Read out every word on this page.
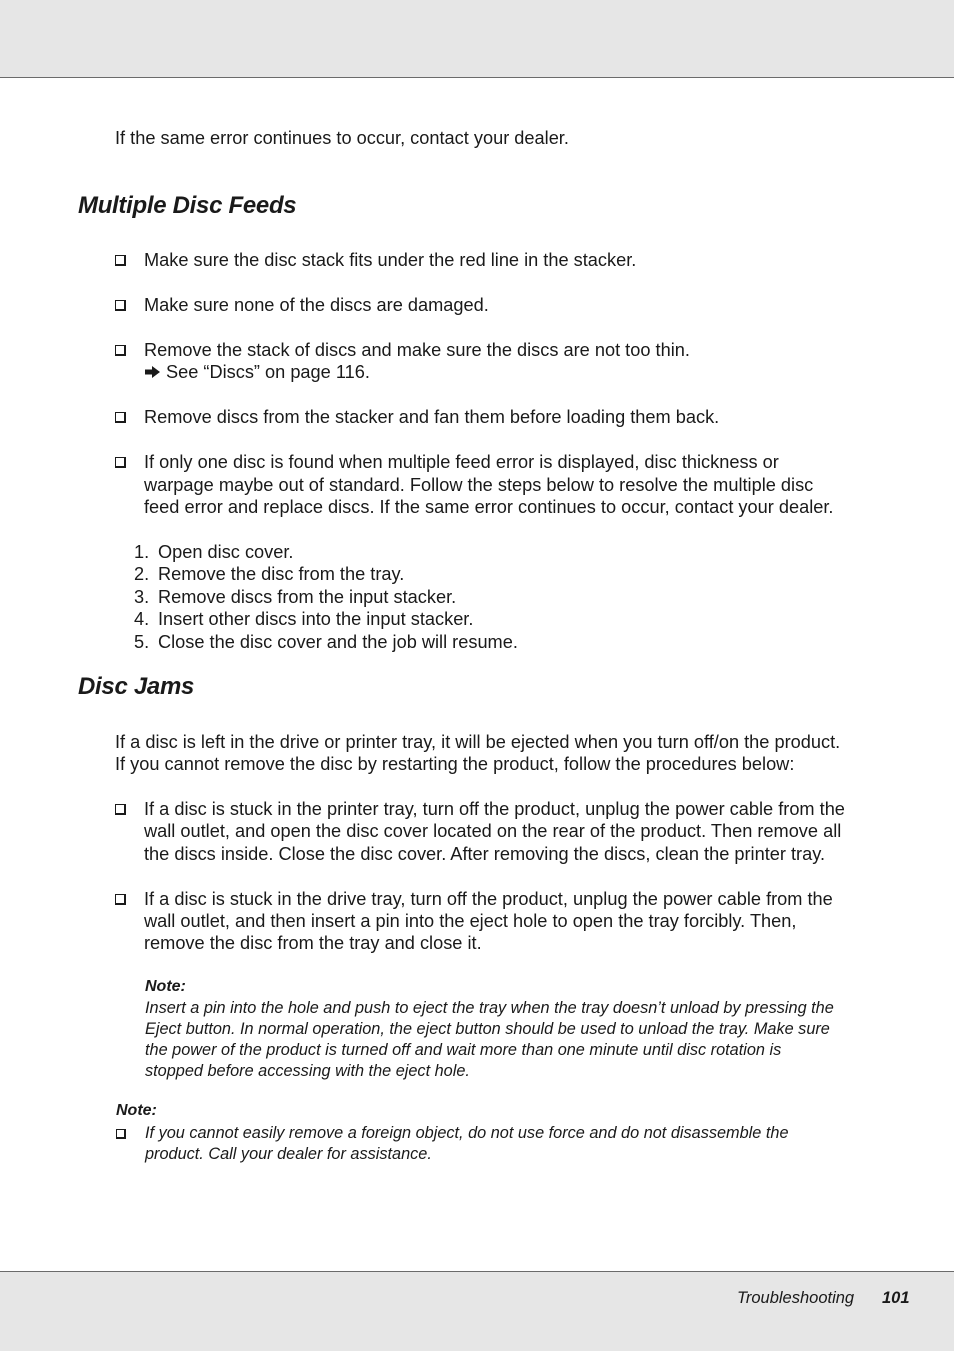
If the same error continues to occur, contact your dealer.
Multiple Disc Feeds
Make sure the disc stack fits under the red line in the stacker.
Make sure none of the discs are damaged.
Remove the stack of discs and make sure the discs are not too thin.
See “Discs” on page 116.
Remove discs from the stacker and fan them before loading them back.
If only one disc is found when multiple feed error is displayed, disc thickness or
warpage maybe out of standard. Follow the steps below to resolve the multiple disc
feed error and replace discs. If the same error continues to occur, contact your dealer.
1. Open disc cover.
2. Remove the disc from the tray.
3. Remove discs from the input stacker.
4. Insert other discs into the input stacker.
5. Close the disc cover and the job will resume.
Disc Jams
If a disc is left in the drive or printer tray, it will be ejected when you turn off/on the product.
If you cannot remove the disc by restarting the product, follow the procedures below:
If a disc is stuck in the printer tray, turn off the product, unplug the power cable from the
wall outlet, and open the disc cover located on the rear of the product. Then remove all
the discs inside. Close the disc cover. After removing the discs, clean the printer tray.
If a disc is stuck in the drive tray, turn off the product, unplug the power cable from the
wall outlet, and then insert a pin into the eject hole to open the tray forcibly. Then,
remove the disc from the tray and close it.
Note:
Insert a pin into the hole and push to eject the tray when the tray doesn’t unload by pressing the
Eject button. In normal operation, the eject button should be used to unload the tray. Make sure
the power of the product is turned off and wait more than one minute until disc rotation is
stopped before accessing with the eject hole.
Note:
If you cannot easily remove a foreign object, do not use force and do not disassemble the
product. Call your dealer for assistance.
Troubleshooting 101
